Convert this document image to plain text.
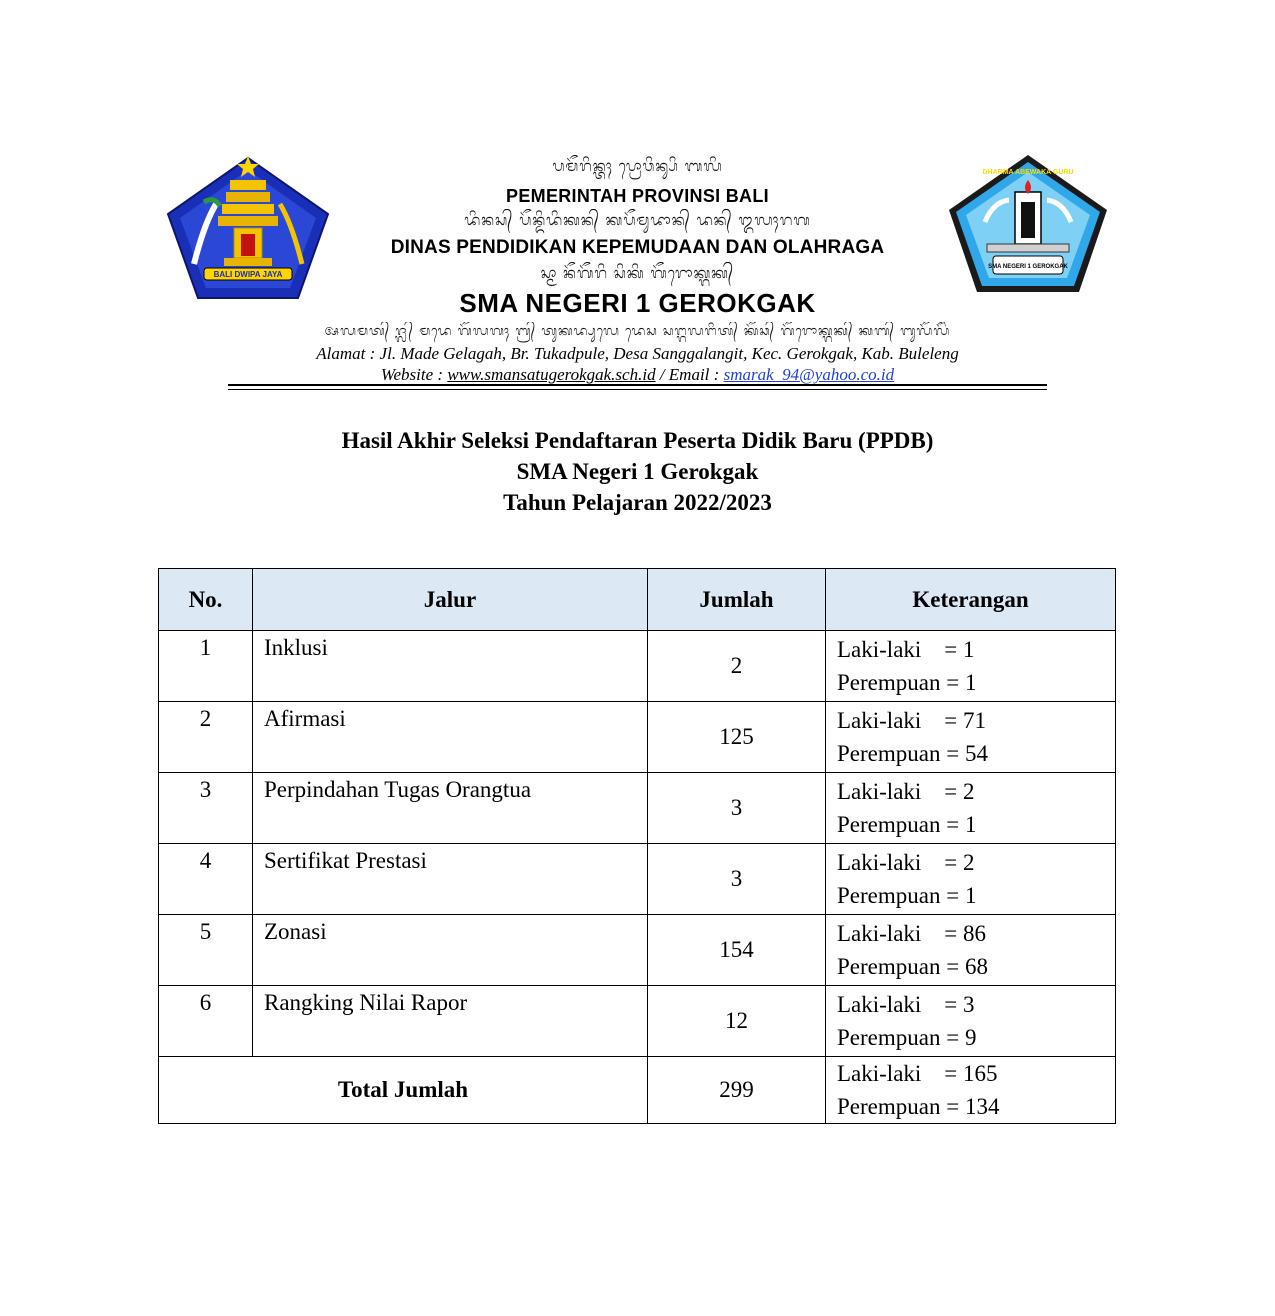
BALI DWIPA JAYA
ᬧᬫᭂᬭᬶᬦ᭄ᬢᬄ ᬧ᭄ᬭᭀᬯᬶᬦ᭄ᬲᬶ ᬩᬮᬶ
PEMERINTAH PROVINSI BALI
ᬤᬶᬦᬲ᭄ ᬧᭂᬦ᭄ᬤᬶᬤᬶᬓᬦ᭄ ᬓᬧᭂᬫᬸᬤᬵᬦ᭄ ᬤᬦ᭄ ᬑᬮᬄᬭᬕ
DINAS PENDIDIKAN KEPEMUDAAN DAN OLAHRAGA
ᬲ᭄ᬫᬵ ᬦᭂᬕᭂᬭᬶ ᬲᬶᬓᬶ ᬕᭂᬭᭀᬓ᭄ᬕᬓ᭄
SMA NEGERI 1 GEROKGAK
ᬅᬮᬫᬢ᭄ ᬚ᭄ᬮ᭄ ᬫᬤᬾ ᬕᭂᬮᬕᬄ ᬩ᭄ᬭ᭄ ᬢᬸᬓᬤ᭄ᬧᬸᬮᬾ ᬤᬾᬲ ᬲᬗ᭄ᬕᬮᬗᬶᬢ᭄ ᬓᭂᬘ᭄ ᬕᭂᬭᭀᬓ᭄ᬕᬓ᭄ ᬓᬩ᭄ ᬩᬸᬮᭂᬮᭂᬂ
Alamat : Jl. Made Gelagah, Br. Tukadpule, Desa Sanggalangit, Kec. Gerokgak, Kab. Buleleng
Website : www.smansatugerokgak.sch.id / Email : smarak_94@yahoo.co.id
DHARMA ABEWAKA GURU
SMA NEGERI 1 GEROKGAK
Hasil Akhir Seleksi Pendaftaran Peserta Didik Baru (PPDB)
SMA Negeri 1 Gerokgak
Tahun Pelajaran 2022/2023
No.	Jalur	Jumlah	Keterangan
1	Inklusi	2	Laki-laki    = 1
Perempuan = 1

2	Afirmasi	125	Laki-laki    = 71
Perempuan = 54

3	Perpindahan Tugas Orangtua	3	Laki-laki    = 2
Perempuan = 1

4	Sertifikat Prestasi	3	Laki-laki    = 2
Perempuan = 1

5	Zonasi	154	Laki-laki    = 86
Perempuan = 68

6	Rangking Nilai Rapor	12	Laki-laki    = 3
Perempuan = 9

Total Jumlah		299	Laki-laki    = 165
Perempuan = 134
